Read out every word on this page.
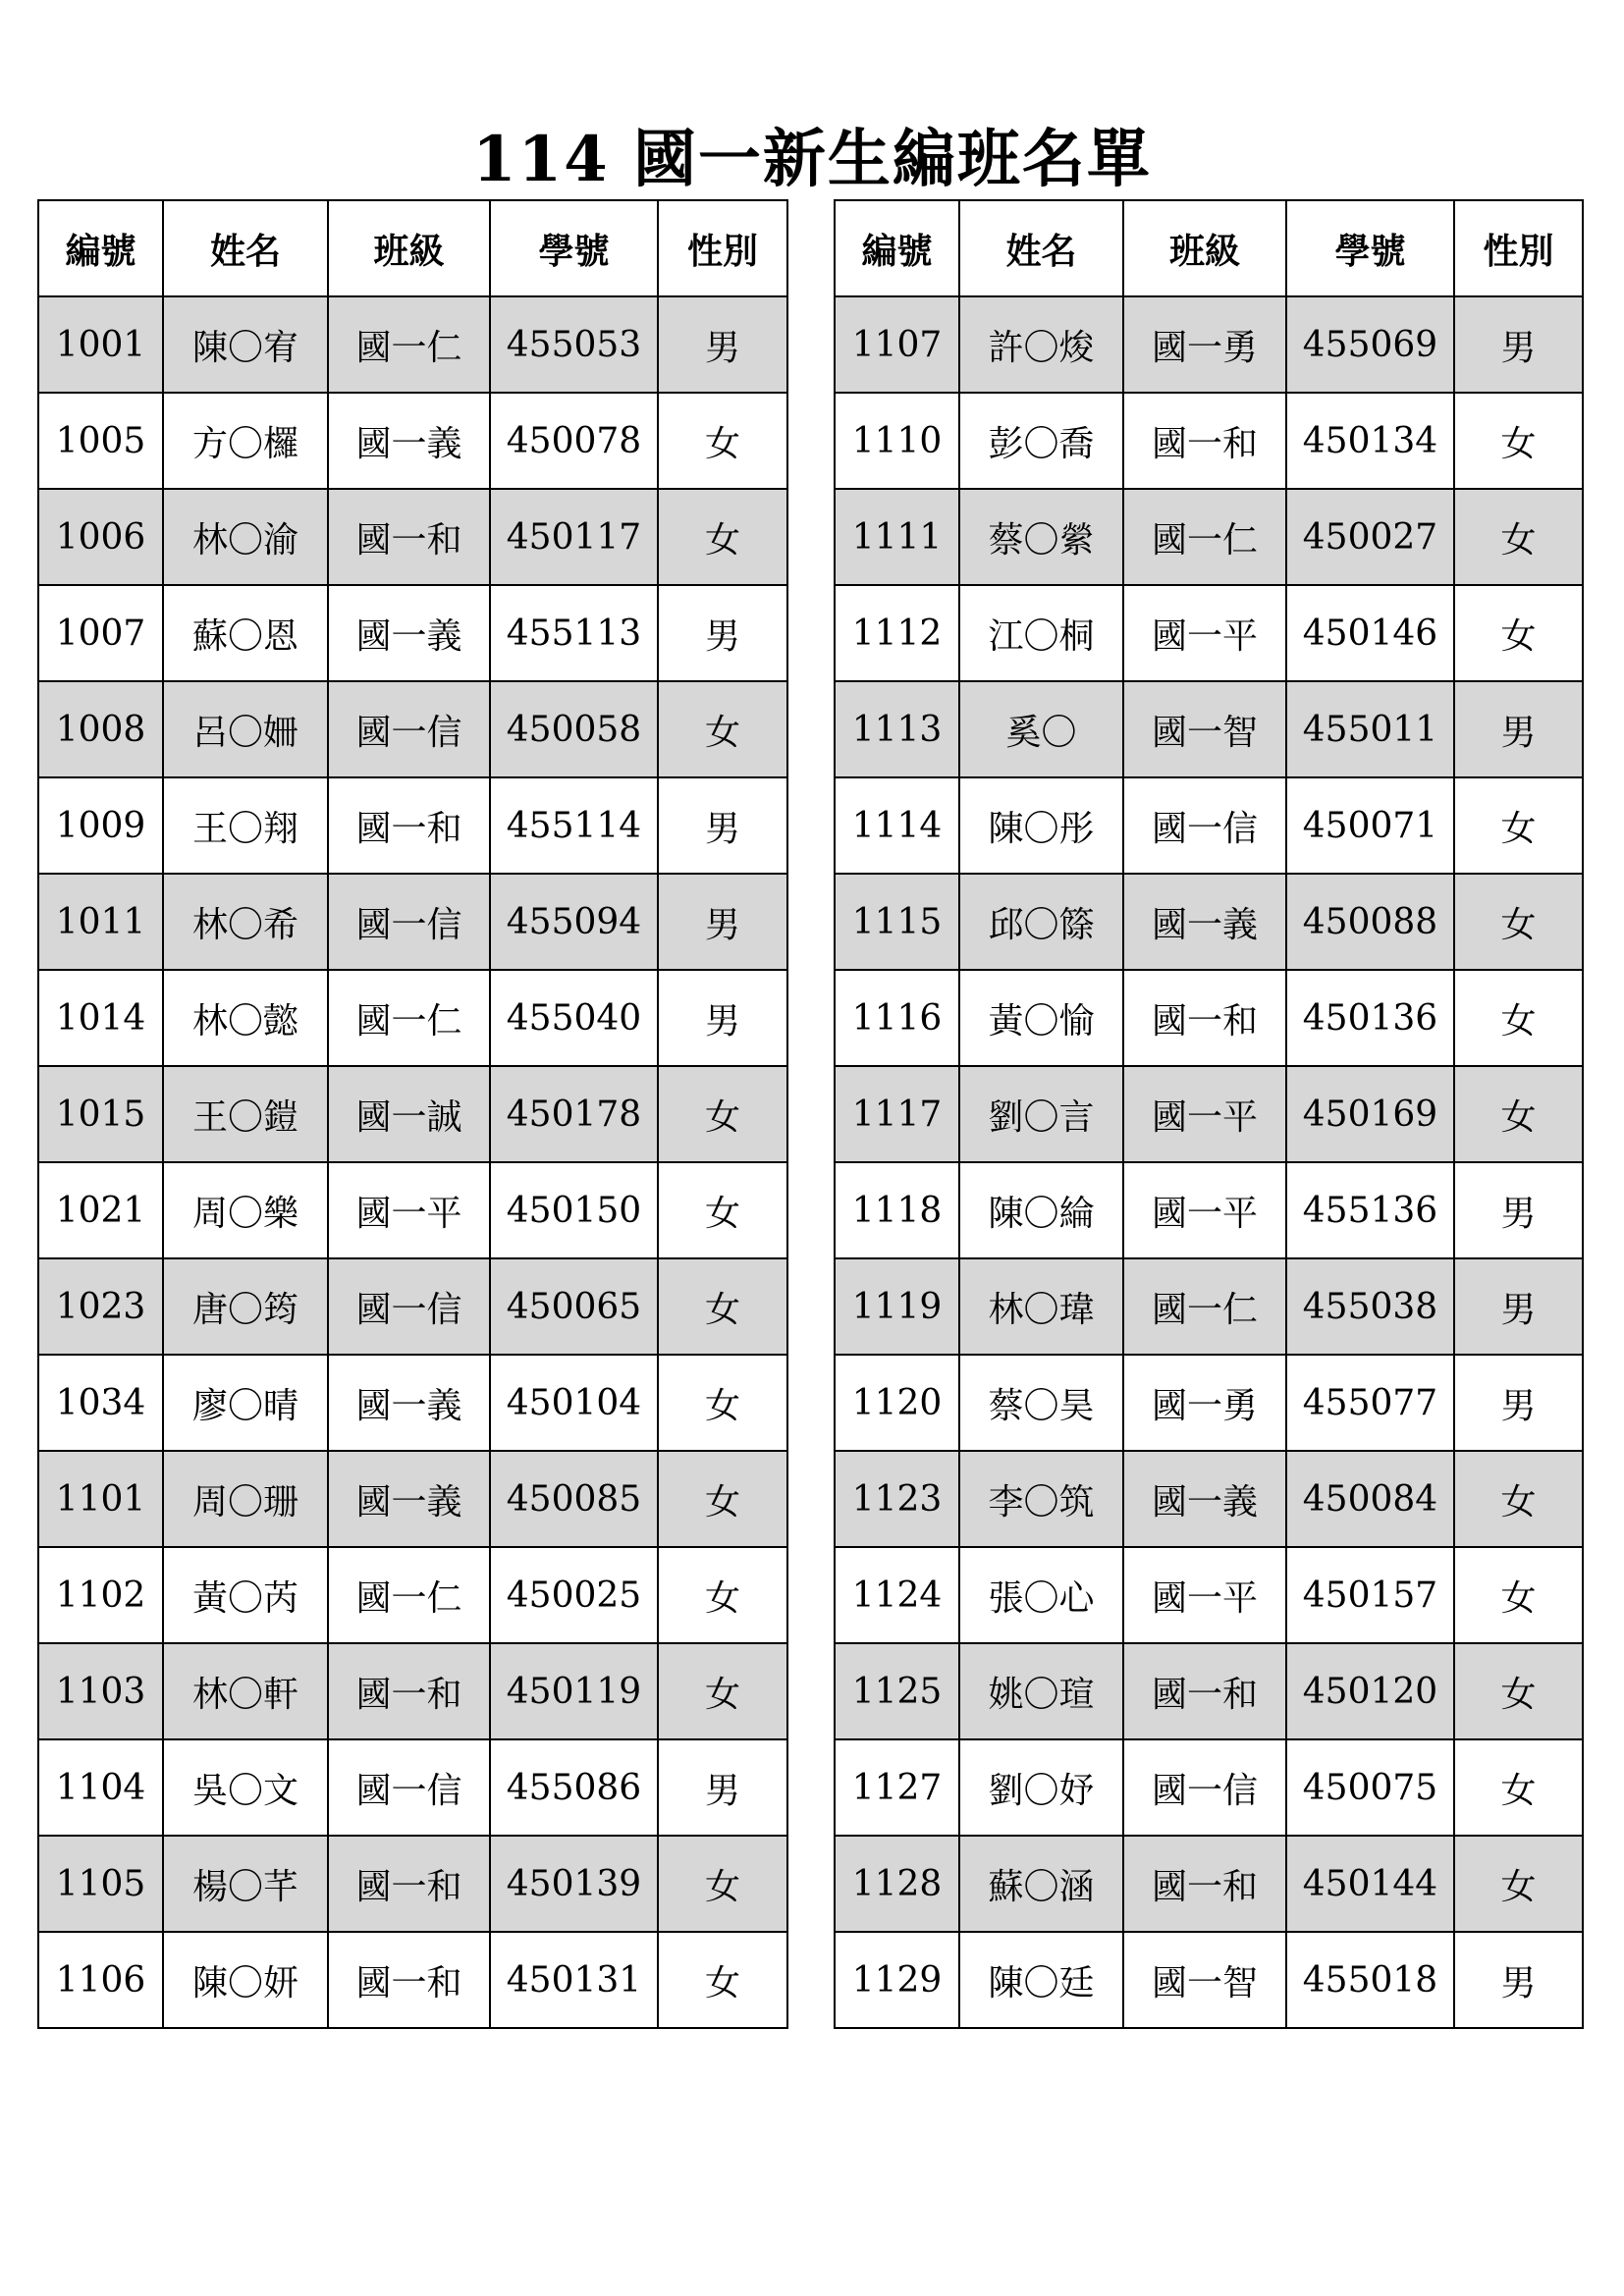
114 國一新生編班名單
編號	姓名	班級	學號	性別
1001	陳〇宥	國一仁	455053	男
1005	方〇欏	國一義	450078	女
1006	林〇渝	國一和	450117	女
1007	蘇〇恩	國一義	455113	男
1008	呂〇姍	國一信	450058	女
1009	王〇翔	國一和	455114	男
1011	林〇希	國一信	455094	男
1014	林〇懿	國一仁	455040	男
1015	王〇鎧	國一誠	450178	女
1021	周〇樂	國一平	450150	女
1023	唐〇筠	國一信	450065	女
1034	廖〇晴	國一義	450104	女
1101	周〇珊	國一義	450085	女
1102	黃〇芮	國一仁	450025	女
1103	林〇軒	國一和	450119	女
1104	吳〇文	國一信	455086	男
1105	楊〇芊	國一和	450139	女
1106	陳〇妍	國一和	450131	女
編號	姓名	班級	學號	性別
1107	許〇焌	國一勇	455069	男
1110	彭〇喬	國一和	450134	女
1111	蔡〇縈	國一仁	450027	女
1112	江〇桐	國一平	450146	女
1113	奚〇	國一智	455011	男
1114	陳〇彤	國一信	450071	女
1115	邱〇篨	國一義	450088	女
1116	黃〇愉	國一和	450136	女
1117	劉〇言	國一平	450169	女
1118	陳〇綸	國一平	455136	男
1119	林〇瑋	國一仁	455038	男
1120	蔡〇昊	國一勇	455077	男
1123	李〇筑	國一義	450084	女
1124	張〇心	國一平	450157	女
1125	姚〇瑄	國一和	450120	女
1127	劉〇妤	國一信	450075	女
1128	蘇〇涵	國一和	450144	女
1129	陳〇廷	國一智	455018	男
